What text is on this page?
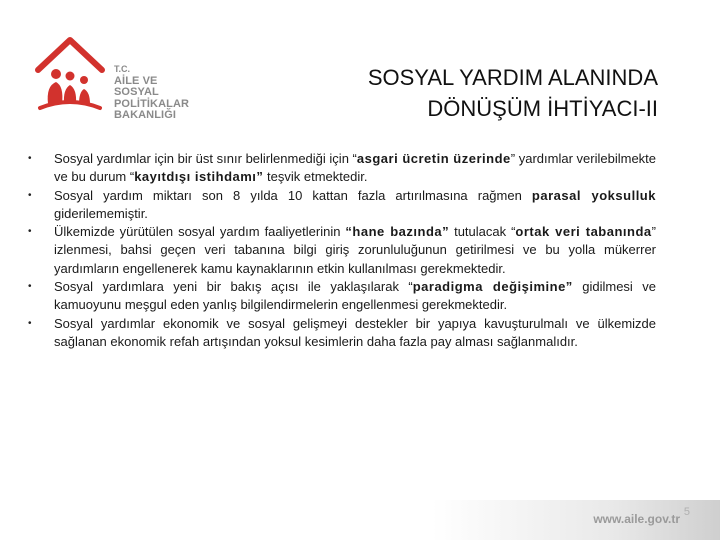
T.C.
AİLE VE
SOSYAL POLİTİKALAR
BAKANLIĞI
SOSYAL YARDIM ALANINDA
DÖNÜŞÜM İHTİYACI-II
• Sosyal yardımlar için bir üst sınır belirlenmediği için “asgari ücretin üzerinde” yardımlar verilebilmekte ve bu durum “kayıtdışı istihdamı” teşvik etmektedir.
• Sosyal yardım miktarı son 8 yılda 10 kattan fazla artırılmasına rağmen parasal yoksulluk giderilememiştir.
• Ülkemizde yürütülen sosyal yardım faaliyetlerinin “hane bazında” tutulacak “ortak veri tabanında” izlenmesi, bahsi geçen veri tabanına bilgi giriş zorunluluğunun getirilmesi ve bu yolla mükerrer yardımların engellenerek kamu kaynaklarının etkin kullanılması gerekmektedir.
• Sosyal yardımlara yeni bir bakış açısı ile yaklaşılarak “paradigma değişimine” gidilmesi ve kamuoyunu meşgul eden yanlış bilgilendirmelerin engellenmesi gerekmektedir.
• Sosyal yardımlar ekonomik ve sosyal gelişmeyi destekler bir yapıya kavuşturulmalı ve ülkemizde sağlanan ekonomik refah artışından yoksul kesimlerin daha fazla pay alması sağlanmalıdır.
www.aile.gov.tr 5
